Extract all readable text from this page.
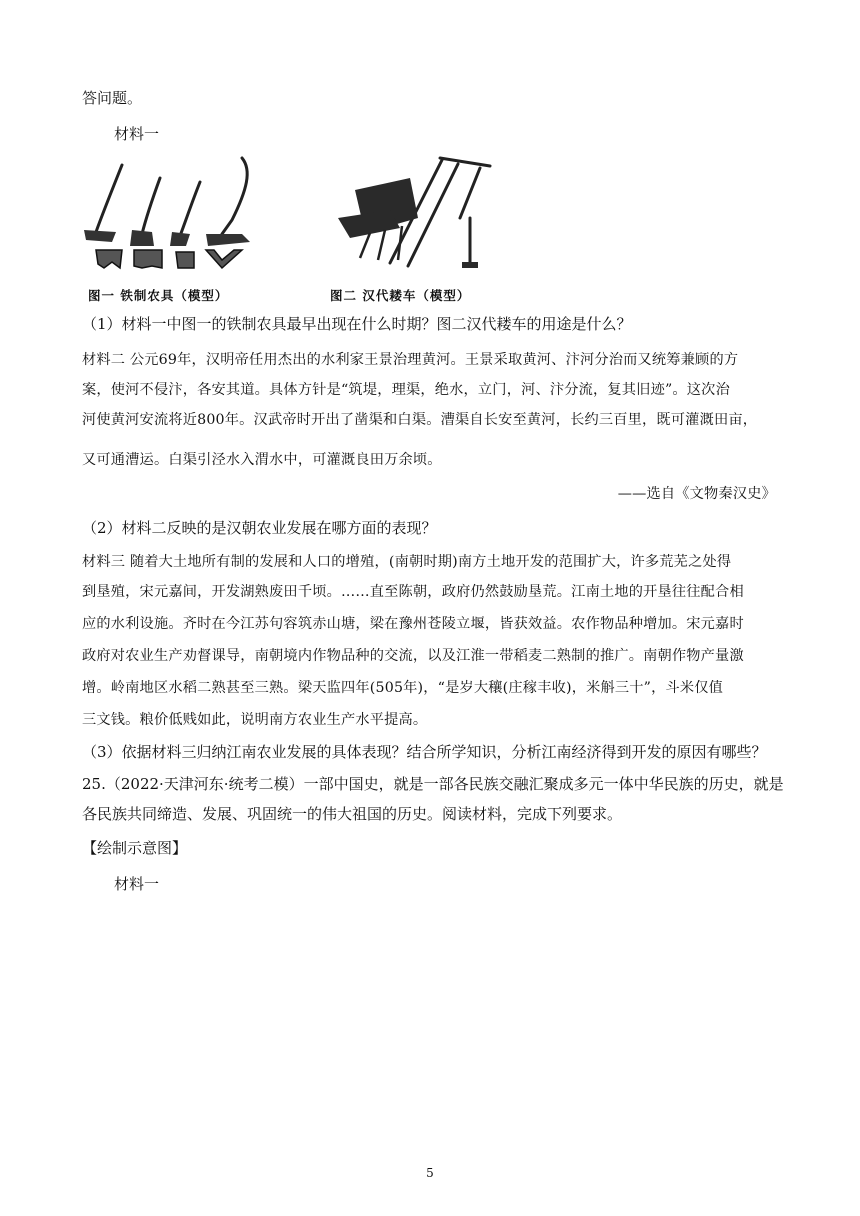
答问题。
材料一
图一 铁制农具（模型）	图二 汉代耧车（模型）
（1）材料一中图一的铁制农具最早出现在什么时期？图二汉代耧车的用途是什么？
材料二 公元69年，汉明帝任用杰出的水利家王景治理黄河。王景采取黄河、汴河分治而又统筹兼顾的方
案，使河不侵汴，各安其道。具体方针是“筑堤，理渠，绝水，立门，河、汴分流，复其旧迹”。这次治
河使黄河安流将近800年。汉武帝时开出了凿渠和白渠。漕渠自长安至黄河，长约三百里，既可灌溉田亩，
又可通漕运。白渠引泾水入渭水中，可灌溉良田万余顷。
——选自《文物秦汉史》
（2）材料二反映的是汉朝农业发展在哪方面的表现？
材料三 随着大土地所有制的发展和人口的增殖，(南朝时期)南方土地开发的范围扩大，许多荒芜之处得
到垦殖，宋元嘉间，开发湖熟废田千顷。……直至陈朝，政府仍然鼓励垦荒。江南土地的开垦往往配合相
应的水利设施。齐时在今江苏句容筑赤山塘，梁在豫州苍陵立堰，皆获效益。农作物品种增加。宋元嘉时
政府对农业生产劝督课导，南朝境内作物品种的交流，以及江淮一带稻麦二熟制的推广。南朝作物产量激
增。岭南地区水稻二熟甚至三熟。梁天监四年(505年)，“是岁大穰(庄稼丰收)，米斛三十”，斗米仅值
三文钱。粮价低贱如此，说明南方农业生产水平提高。
（3）依据材料三归纳江南农业发展的具体表现？结合所学知识，分析江南经济得到开发的原因有哪些？
25.（2022·天津河东·统考二模）一部中国史，就是一部各民族交融汇聚成多元一体中华民族的历史，就是
各民族共同缔造、发展、巩固统一的伟大祖国的历史。阅读材料，完成下列要求。
【绘制示意图】
材料一
5
